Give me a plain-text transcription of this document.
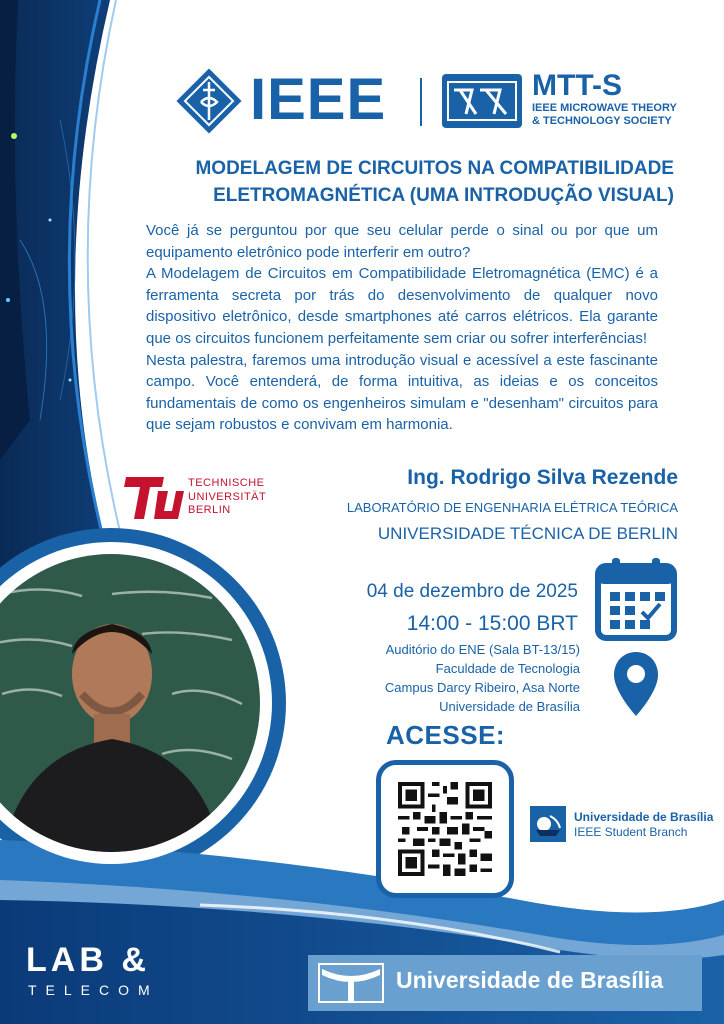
IEEE	MTT-S
IEEE MICROWAVE THEORY & TECHNOLOGY SOCIETY
MODELAGEM DE CIRCUITOS NA COMPATIBILIDADE
ELETROMAGNÉTICA (UMA INTRODUÇÃO VISUAL)

Você já se perguntou por que seu celular perde o sinal ou por que um equipamento eletrônico pode interferir em outro?

A Modelagem de Circuitos em Compatibilidade Eletromagnética (EMC) é a ferramenta secreta por trás do desenvolvimento de qualquer novo dispositivo eletrônico, desde smartphones até carros elétricos. Ela garante que os circuitos funcionem perfeitamente sem criar ou sofrer interferências!

Nesta palestra, faremos uma introdução visual e acessível a este fascinante campo. Você entenderá, de forma intuitiva, as ideias e os conceitos fundamentais de como os engenheiros simulam e "desenham" circuitos para que sejam robustos e convivam em harmonia.

TECHNISCHE
UNIVERSITÄT
BERLIN
Ing. Rodrigo Silva Rezende
LABORATÓRIO DE ENGENHARIA ELÉTRICA TEÓRICA
UNIVERSIDADE TÉCNICA DE BERLIN
04 de dezembro de 2025
14:00 - 15:00 BRT
Auditório do ENE (Sala BT-13/15)
Faculdade de Tecnologia
Campus Darcy Ribeiro, Asa Norte
Universidade de Brasília
ACESSE:
Universidade de Brasília
IEEE Student Branch
LAB &
TELECOM	Universidade de Brasília
